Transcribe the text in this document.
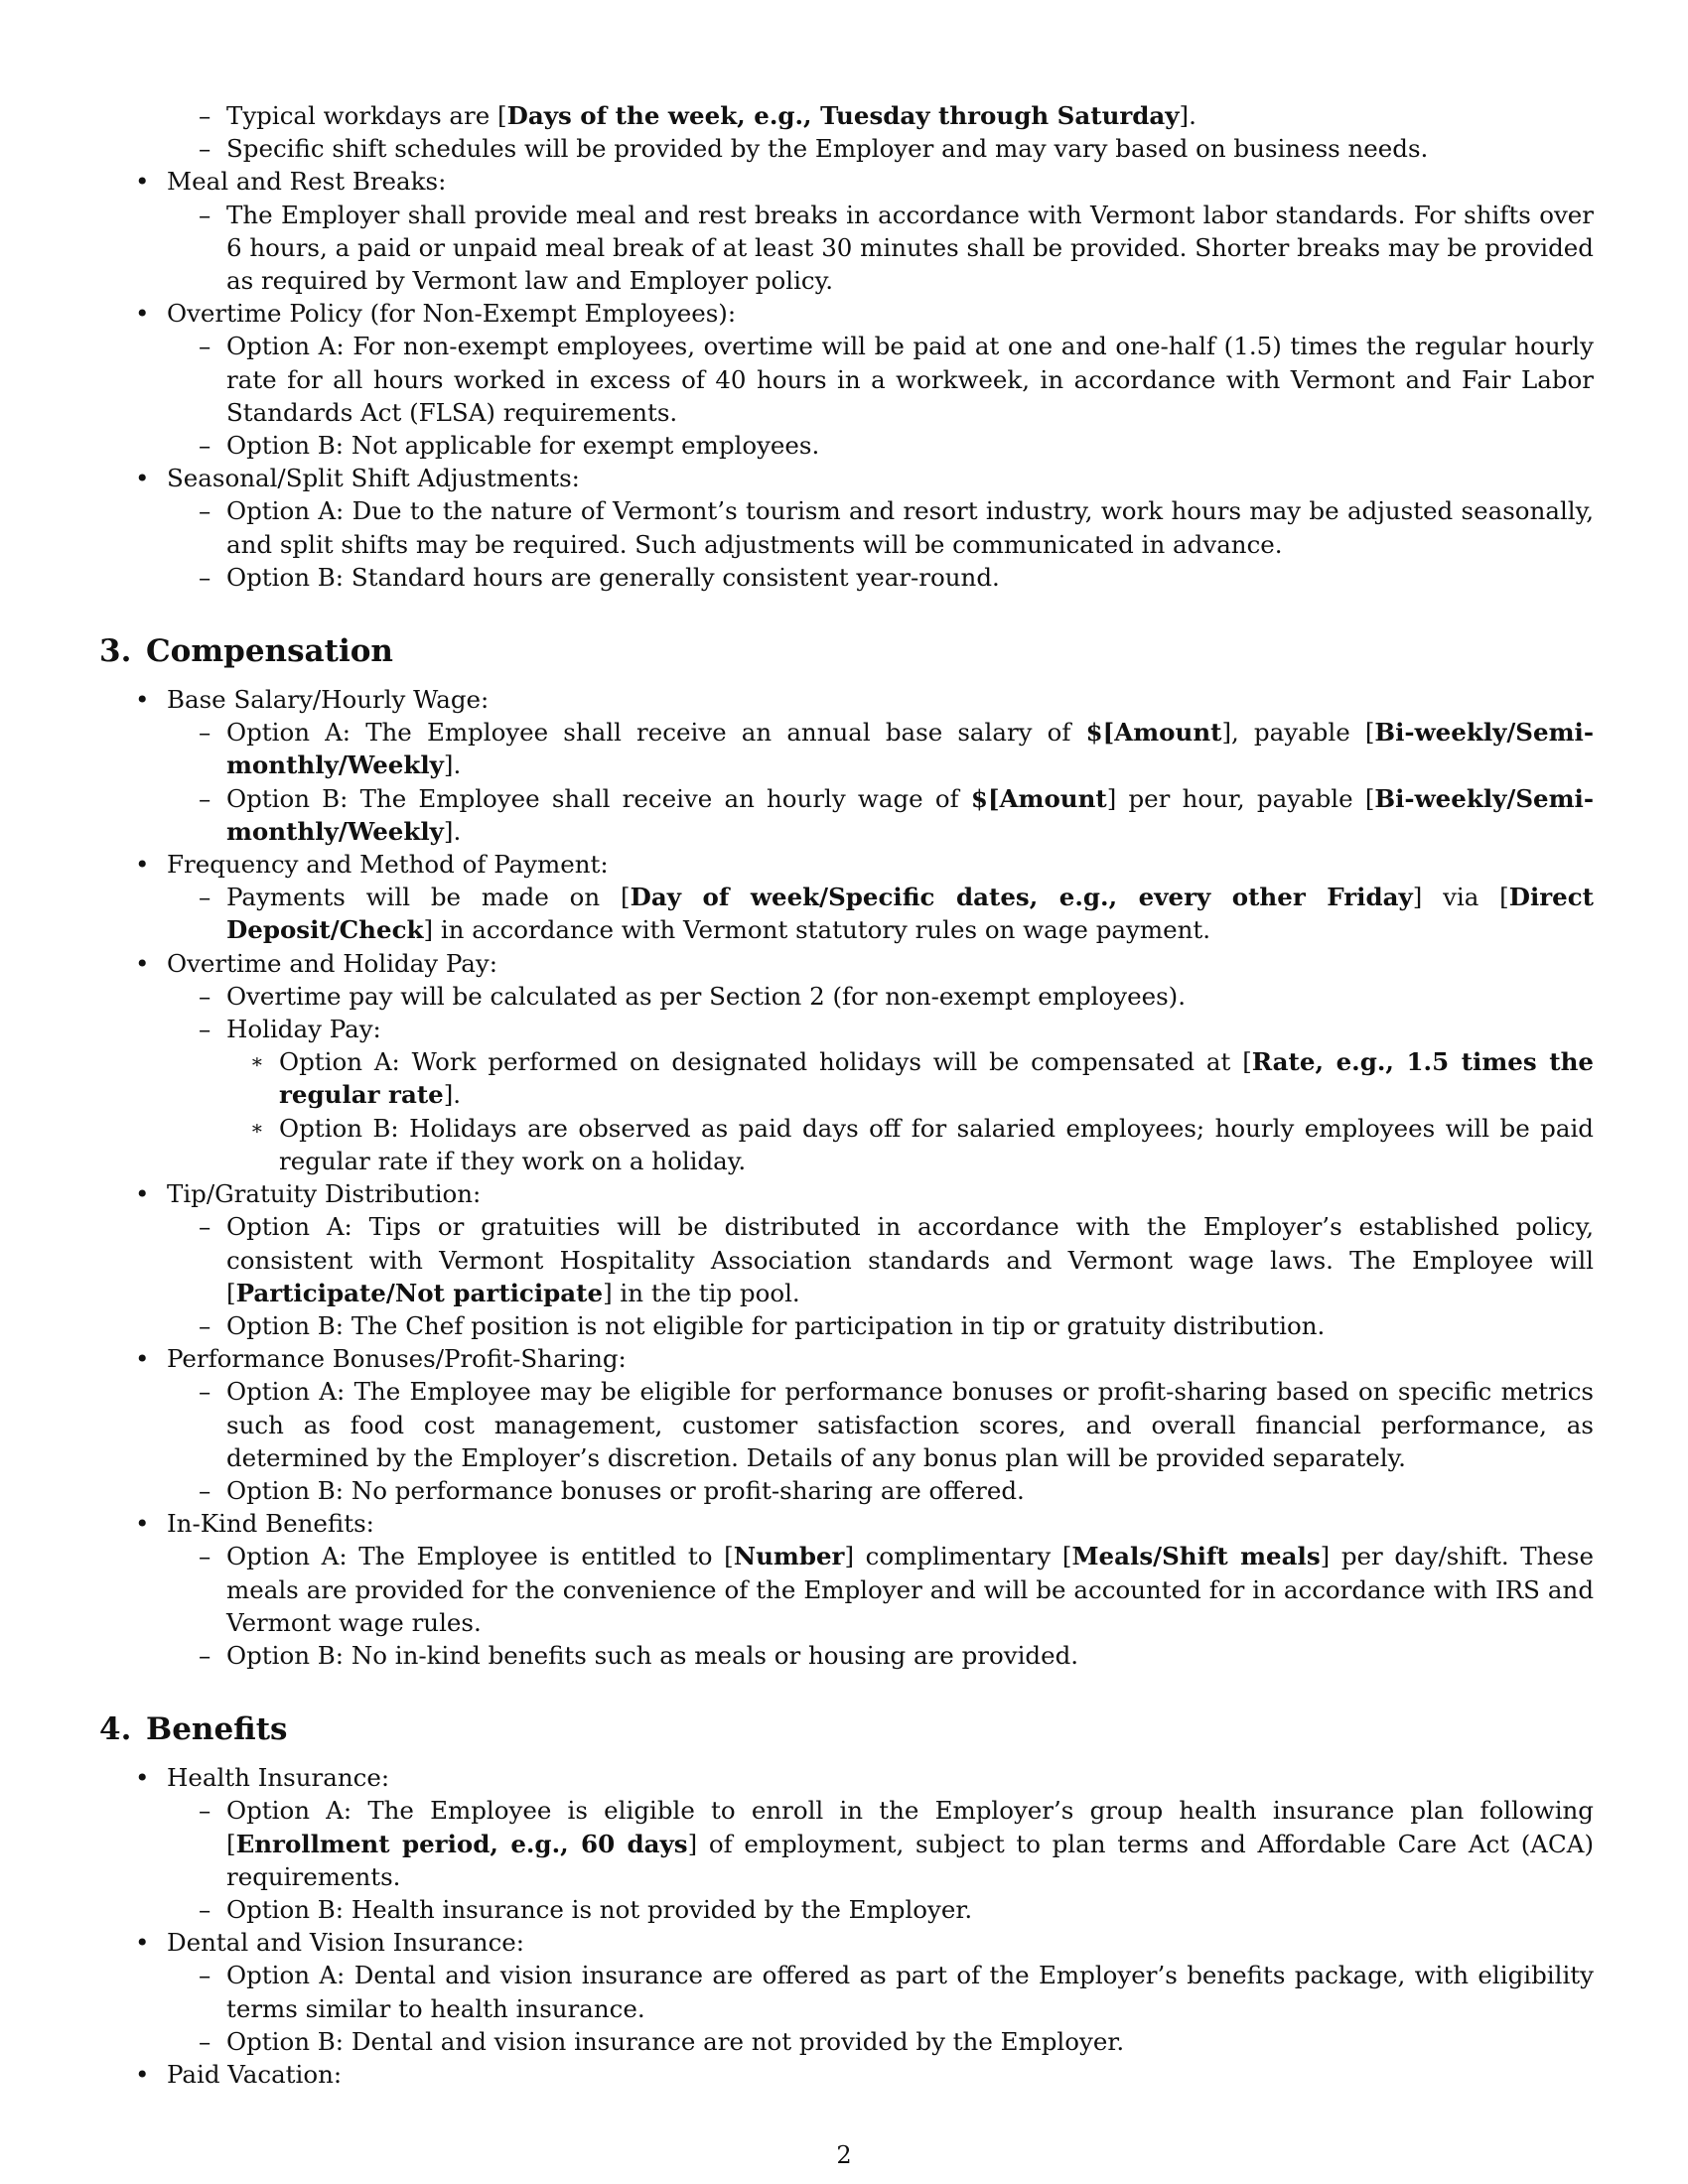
– Typical workdays are [Days of the week, e.g., Tuesday through Saturday].
– Specific shift schedules will be provided by the Employer and may vary based on business needs.
• Meal and Rest Breaks:
– The Employer shall provide meal and rest breaks in accordance with Vermont labor standards. For shifts over 6 hours, a paid or unpaid meal break of at least 30 minutes shall be provided. Shorter breaks may be provided as required by Vermont law and Employer policy.
• Overtime Policy (for Non-Exempt Employees):
– Option A: For non-exempt employees, overtime will be paid at one and one-half (1.5) times the regular hourly rate for all hours worked in excess of 40 hours in a workweek, in accordance with Vermont and Fair Labor Standards Act (FLSA) requirements.
– Option B: Not applicable for exempt employees.
• Seasonal/Split Shift Adjustments:
– Option A: Due to the nature of Vermont’s tourism and resort industry, work hours may be adjusted seasonally, and split shifts may be required. Such adjustments will be communicated in advance.
– Option B: Standard hours are generally consistent year-round.
3. Compensation
• Base Salary/Hourly Wage:
– Option A: The Employee shall receive an annual base salary of $[Amount], payable [Bi-weekly/Semi-monthly/Weekly].
– Option B: The Employee shall receive an hourly wage of $[Amount] per hour, payable [Bi-weekly/Semi-monthly/Weekly].
• Frequency and Method of Payment:
– Payments will be made on [Day of week/Specific dates, e.g., every other Friday] via [Direct Deposit/Check] in accordance with Vermont statutory rules on wage payment.
• Overtime and Holiday Pay:
– Overtime pay will be calculated as per Section 2 (for non-exempt employees).
– Holiday Pay:
∗ Option A: Work performed on designated holidays will be compensated at [Rate, e.g., 1.5 times the regular rate].
∗ Option B: Holidays are observed as paid days off for salaried employees; hourly employees will be paid regular rate if they work on a holiday.
• Tip/Gratuity Distribution:
– Option A: Tips or gratuities will be distributed in accordance with the Employer’s established policy, consistent with Vermont Hospitality Association standards and Vermont wage laws. The Employee will [Participate/Not participate] in the tip pool.
– Option B: The Chef position is not eligible for participation in tip or gratuity distribution.
• Performance Bonuses/Profit-Sharing:
– Option A: The Employee may be eligible for performance bonuses or profit-sharing based on specific metrics such as food cost management, customer satisfaction scores, and overall financial performance, as determined by the Employer’s discretion. Details of any bonus plan will be provided separately.
– Option B: No performance bonuses or profit-sharing are offered.
• In-Kind Benefits:
– Option A: The Employee is entitled to [Number] complimentary [Meals/Shift meals] per day/shift. These meals are provided for the convenience of the Employer and will be accounted for in accordance with IRS and Vermont wage rules.
– Option B: No in-kind benefits such as meals or housing are provided.
4. Benefits
• Health Insurance:
– Option A: The Employee is eligible to enroll in the Employer’s group health insurance plan following [Enrollment period, e.g., 60 days] of employment, subject to plan terms and Affordable Care Act (ACA) requirements.
– Option B: Health insurance is not provided by the Employer.
• Dental and Vision Insurance:
– Option A: Dental and vision insurance are offered as part of the Employer’s benefits package, with eligibility terms similar to health insurance.
– Option B: Dental and vision insurance are not provided by the Employer.
• Paid Vacation:
2
